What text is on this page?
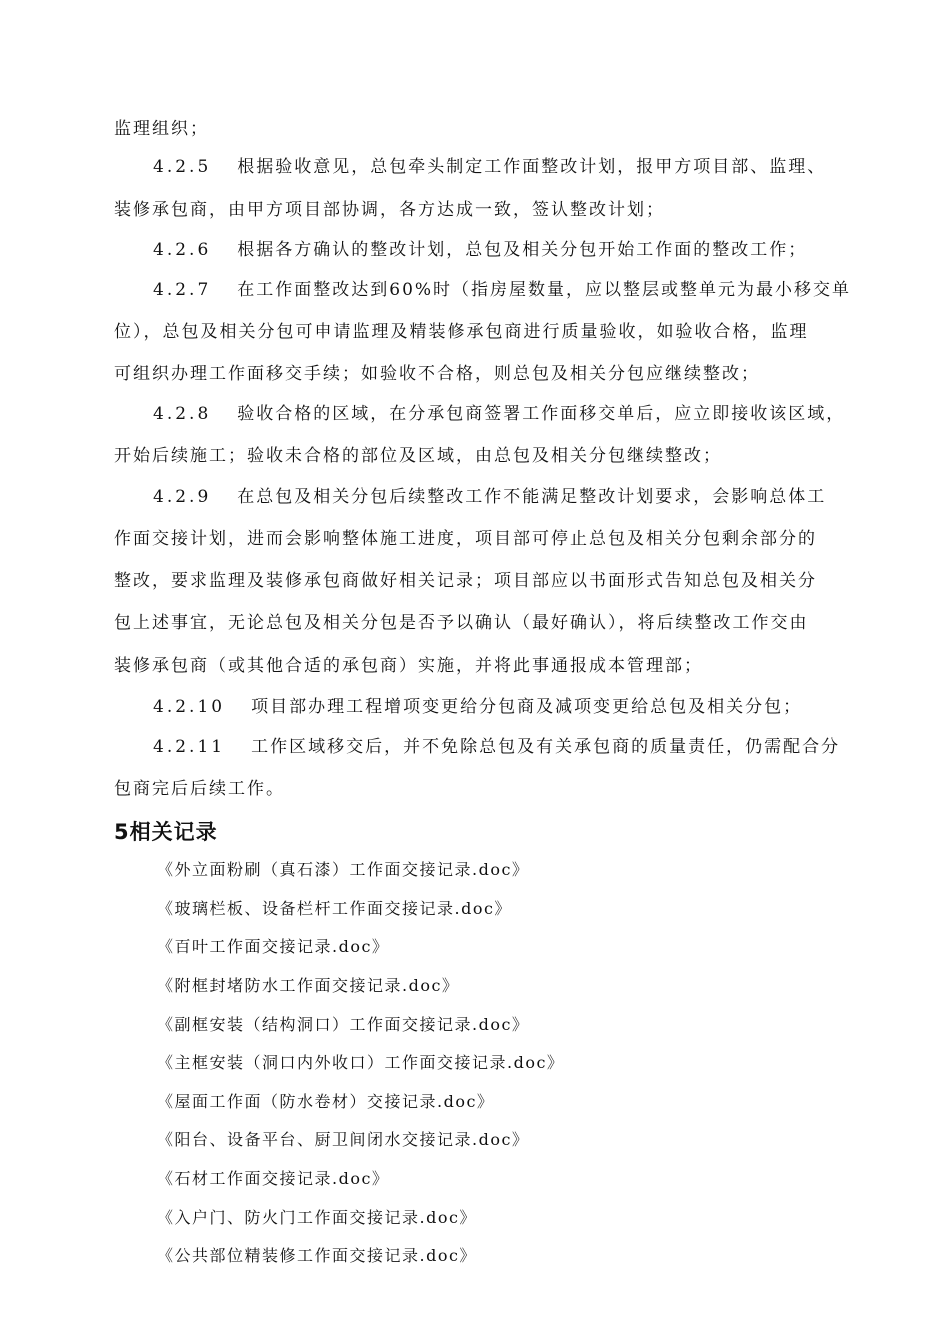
监理组织；
4.2.5 根据验收意见，总包牵头制定工作面整改计划，报甲方项目部、监理、
装修承包商，由甲方项目部协调，各方达成一致，签认整改计划；
4.2.6 根据各方确认的整改计划，总包及相关分包开始工作面的整改工作；
4.2.7 在工作面整改达到60%时（指房屋数量，应以整层或整单元为最小移交单
位），总包及相关分包可申请监理及精装修承包商进行质量验收，如验收合格，监理
可组织办理工作面移交手续；如验收不合格，则总包及相关分包应继续整改；
4.2.8 验收合格的区域，在分承包商签署工作面移交单后，应立即接收该区域，
开始后续施工；验收未合格的部位及区域，由总包及相关分包继续整改；
4.2.9 在总包及相关分包后续整改工作不能满足整改计划要求，会影响总体工
作面交接计划，进而会影响整体施工进度，项目部可停止总包及相关分包剩余部分的
整改，要求监理及装修承包商做好相关记录；项目部应以书面形式告知总包及相关分
包上述事宜，无论总包及相关分包是否予以确认（最好确认），将后续整改工作交由
装修承包商（或其他合适的承包商）实施，并将此事通报成本管理部；
4.2.10 项目部办理工程增项变更给分包商及减项变更给总包及相关分包；
4.2.11 工作区域移交后，并不免除总包及有关承包商的质量责任，仍需配合分
包商完后后续工作。
5相关记录
《外立面粉刷（真石漆）工作面交接记录.doc》
《玻璃栏板、设备栏杆工作面交接记录.doc》
《百叶工作面交接记录.doc》
《附框封堵防水工作面交接记录.doc》
《副框安装（结构洞口）工作面交接记录.doc》
《主框安装（洞口内外收口）工作面交接记录.doc》
《屋面工作面（防水卷材）交接记录.doc》
《阳台、设备平台、厨卫间闭水交接记录.doc》
《石材工作面交接记录.doc》
《入户门、防火门工作面交接记录.doc》
《公共部位精装修工作面交接记录.doc》
